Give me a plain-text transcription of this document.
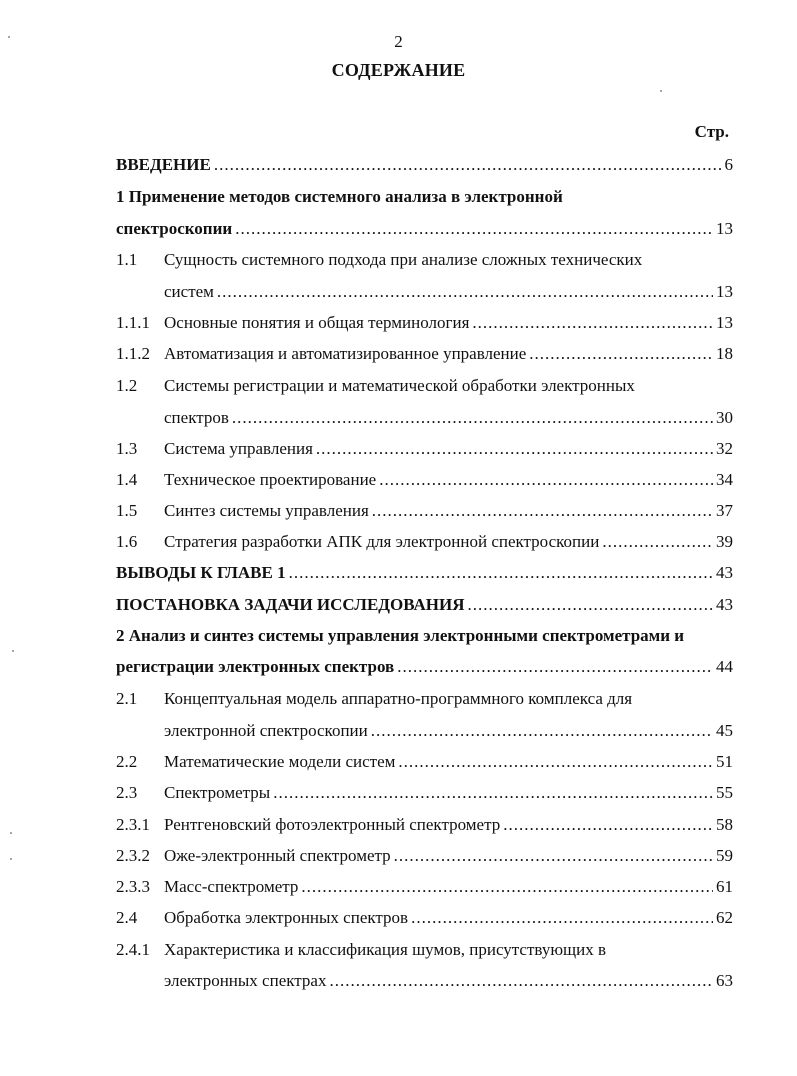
2
СОДЕРЖАНИЕ
Стр.
ВВЕДЕНИЕ .....	6
1 Применение методов системного анализа в электронной
спектроскопии .....	13
1.1 Сущность системного подхода при анализе сложных технических
систем .....	13
1.1.1 Основные понятия и общая терминология .....	13
1.1.2 Автоматизация и автоматизированное управление .....	18
1.2 Системы регистрации и математической обработки электронных
спектров .....	30
1.3 Система управления .....	32
1.4 Техническое проектирование .....	34
1.5 Синтез системы управления .....	37
1.6 Стратегия разработки АПК для электронной спектроскопии .....	39
ВЫВОДЫ К ГЛАВЕ 1 .....	43
ПОСТАНОВКА ЗАДАЧИ ИССЛЕДОВАНИЯ .....	43
2 Анализ и синтез системы управления электронными спектрометрами и
регистрации электронных спектров .....	44
2.1 Концептуальная модель аппаратно-программного комплекса для
электронной спектроскопии .....	45
2.2 Математические модели систем .....	51
2.3 Спектрометры .....	55
2.3.1 Рентгеновский фотоэлектронный спектрометр .....	58
2.3.2 Оже-электронный спектрометр .....	59
2.3.3 Масс-спектрометр .....	61
2.4 Обработка электронных спектров .....	62
2.4.1 Характеристика и классификация шумов, присутствующих в
электронных спектрах .....	63
